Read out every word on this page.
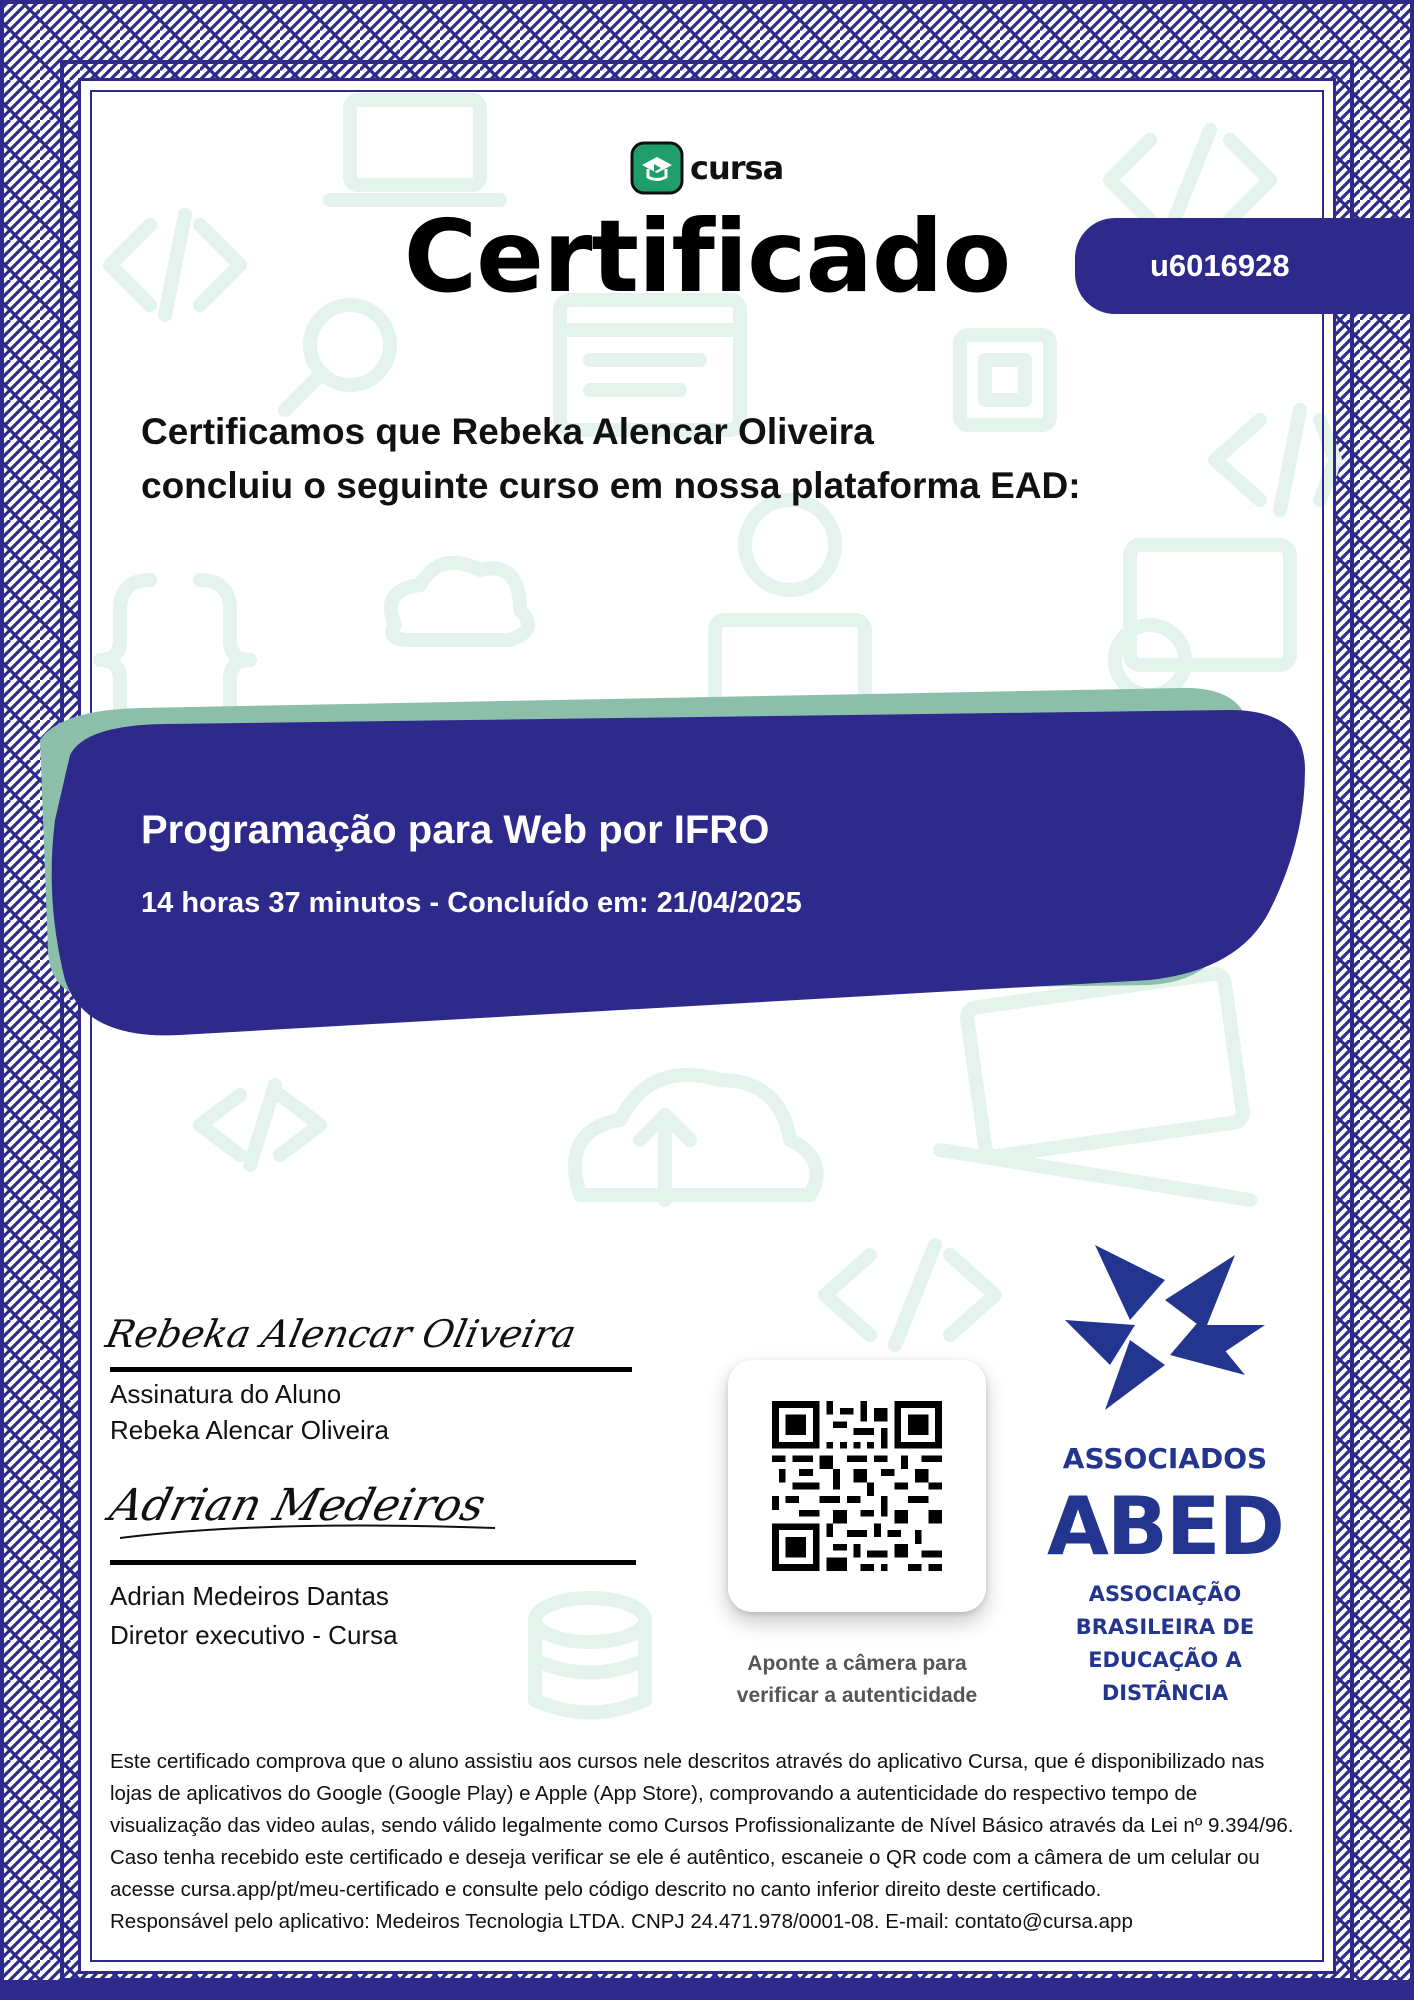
cursa
Certificado	u6016928
Certificamos que Rebeka Alencar Oliveira
concluiu o seguinte curso em nossa plataforma EAD:
Programação para Web por IFRO
14 horas 37 minutos - Concluído em: 21/04/2025
Rebeka Alencar Oliveira
Assinatura do Aluno
Rebeka Alencar Oliveira
Adrian Medeiros
Adrian Medeiros Dantas
Diretor executivo - Cursa
Aponte a câmera para
verificar a autenticidade
ASSOCIADOS
ABED
ASSOCIAÇÃO
BRASILEIRA DE
EDUCAÇÃO A
DISTÂNCIA
Este certificado comprova que o aluno assistiu aos cursos nele descritos através do aplicativo Cursa, que é disponibilizado nas lojas de aplicativos do Google (Google Play) e Apple (App Store), comprovando a autenticidade do respectivo tempo de visualização das video aulas, sendo válido legalmente como Cursos Profissionalizante de Nível Básico através da Lei nº 9.394/96. Caso tenha recebido este certificado e deseja verificar se ele é autêntico, escaneie o QR code com a câmera de um celular ou acesse cursa.app/pt/meu-certificado e consulte pelo código descrito no canto inferior direito deste certificado.
Responsável pelo aplicativo: Medeiros Tecnologia LTDA. CNPJ 24.471.978/0001-08. E-mail: contato@cursa.app
